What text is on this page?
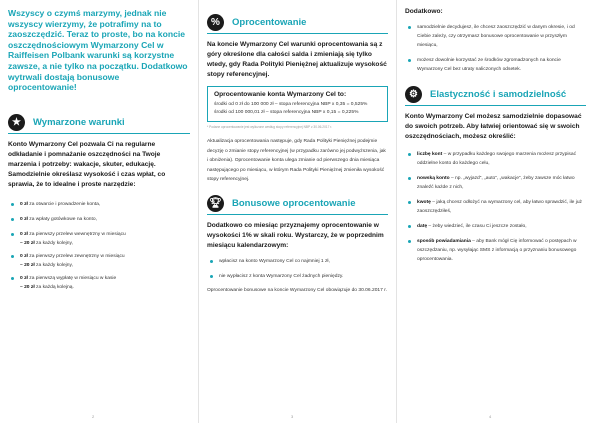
Wszyscy o czymś marzymy, jednak nie wszyscy wierzymy, że potrafimy na to zaoszczędzić. Teraz to proste, bo na koncie oszczędnościowym Wymarzony Cel w Raiffeisen Polbank warunki są korzystne zawsze, a nie tylko na początku. Dodatkowo wytrwali dostają bonusowe oprocentowanie!

★	Wymarzone warunki

Konto Wymarzony Cel pozwala Ci na regularne odkładanie i pomnażanie oszczędności na Twoje marzenia i potrzeby: wakacje, skuter, edukację. Samodzielnie określasz wysokość i czas wpłat, co sprawia, że to idealne i proste narzędzie:

0 zł za otwarcie i prowadzenie konta,
0 zł za wpłaty gotówkowe na konto,
0 zł za pierwszy przelew wewnętrzny w miesiącu
– 20 zł za każdy kolejny,
0 zł za pierwszy przelew zewnętrzny w miesiącu
– 20 zł za każdy kolejny,
0 zł za pierwszą wypłatę w miesiącu w kasie
– 20 zł za każdą kolejną.
2
%	Oprocentowanie

Na koncie Wymarzony Cel warunki oprocentowania są z góry określone dla całości salda i zmieniają się tylko wtedy, gdy Rada Polityki Pieniężnej aktualizuje wysokość stopy referencyjnej.

Oprocentowanie konta Wymarzony Cel to:
środki od 0 zł do 100 000 zł – stopa referencyjna NBP x 0,35 = 0,525%
środki od 100 000,01 zł – stopa referencyjna NBP x 0,15 = 0,225%
* Podane oprocentowanie jest wyliczone według stopy referencyjnej NBP z 30.06.2017 r.

Aktualizacja oprocentowania następuje, gdy Rada Polityki Pieniężnej podejmie decyzję o zmianie stopy referencyjnej (w przypadku zarówno jej podwyższenia, jak i obniżenia). Oprocentowanie konta ulega zmianie od pierwszego dnia miesiąca następującego po miesiącu, w którym Rada Polityki Pieniężnej zmieniła wysokość stopy referencyjnej.

🏆︎ Bonusowe oprocentowanie

Dodatkowo co miesiąc przyznajemy oprocentowanie w wysokości 1% w skali roku. Wystarczy, że w poprzednim miesiącu kalendarzowym:

wpłacisz na konto Wymarzony Cel co najmniej 1 zł,
nie wypłacisz z konta Wymarzony Cel żadnych pieniędzy.

Oprocentowanie bonusowe na koncie Wymarzony Cel obowiązuje do 30.06.2017 r.

3
Dodatkowo:
samodzielnie decydujesz, ile chcesz zaoszczędzić w danym okresie, i od Ciebie zależy, czy otrzymasz bonusowe oprocentowanie w przyszłym miesiącu,
możesz dowolnie korzystać ze środków zgromadzonych na koncie Wymarzony Cel bez utraty naliczonych odsetek.
⚙	Elastyczność i samodzielność

Konto Wymarzony Cel możesz samodzielnie dopasować do swoich potrzeb. Aby łatwiej orientować się w swoich oszczędnościach, możesz określić:

liczbę kont – w przypadku każdego swojego marzenia możesz przypisać oddzielne konto do każdego celu,
nowską konto – np. „wyjazd”, „auto”, „wakacje”, żeby zawsze móc łatwo znaleźć każde z nich,
kwotę – jaką chcesz odłożyć na wymarzony cel, aby łatwo sprawdzić, ile już zaoszczędziłeś,
datę – żeby wiedzieć, ile czasu Ci jeszcze zostało,
sposób powiadamiania – aby Bank mógł Cię informować o postępach w oszczędzaniu, np. wysyłając SMS z informacją o przyznaniu bonusowego oprocentowania.
4
